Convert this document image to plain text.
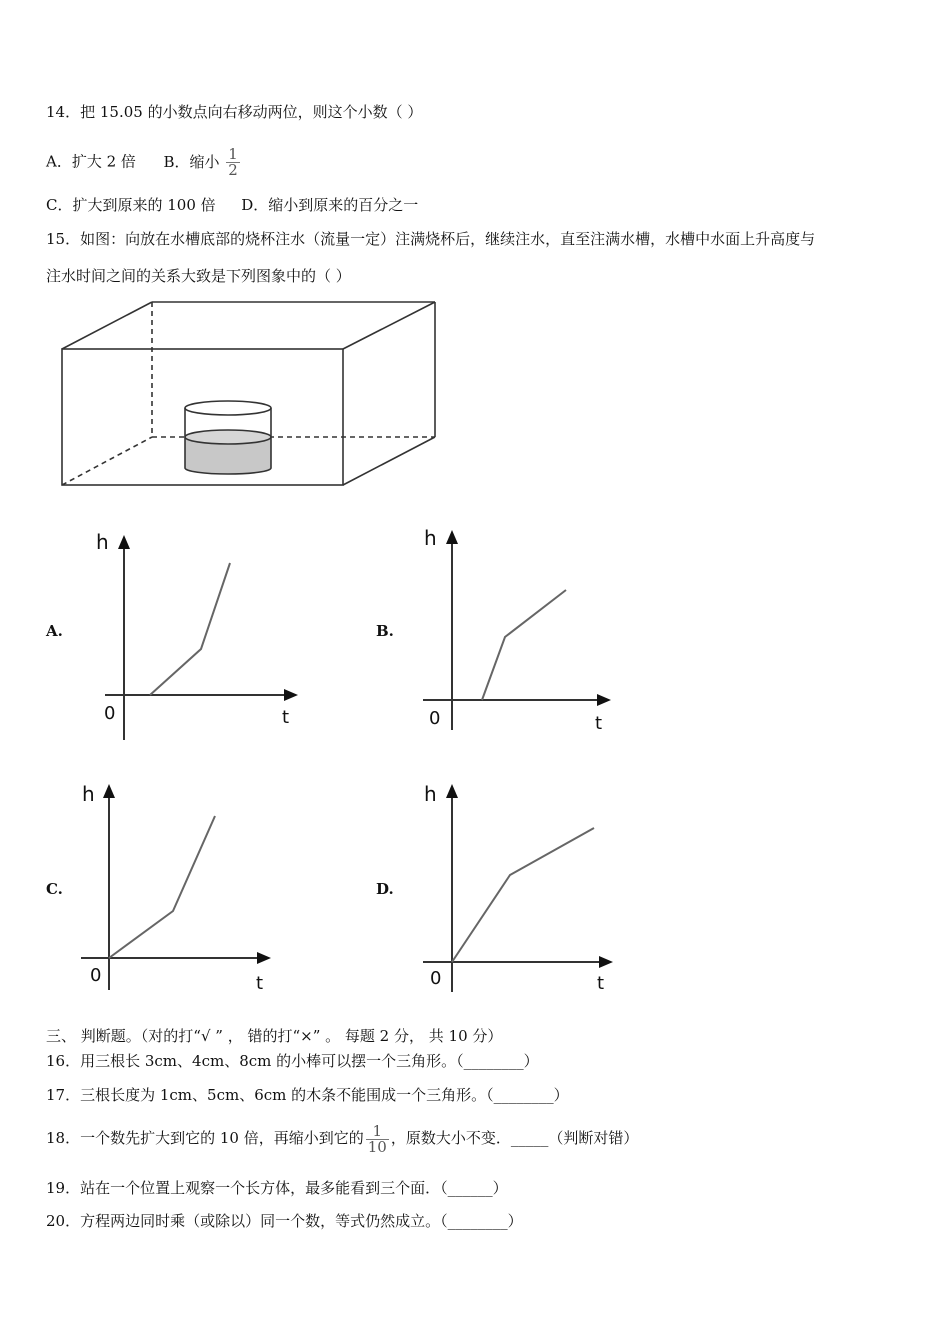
14．把 15.05 的小数点向右移动两位，则这个小数（ ）
A．扩大 2 倍 B．缩小 $\frac{1}{2}$
C．扩大到原来的 100 倍 D．缩小到原来的百分之一
15．如图：向放在水槽底部的烧杯注水（流量一定）注满烧杯后，继续注水，直至注满水槽，水槽中水面上升高度与
注水时间之间的关系大致是下列图象中的（ ）
A.	B.
C.	D.
h
t
0
h
t
0
h
t
0
h
t
0
三、 判断题。（对的打“√ ” ， 错的打“×” 。 每题 2 分， 共 10 分）
16．用三根长 3cm、4cm、8cm 的小棒可以摆一个三角形。（________）
17．三根长度为 1cm、5cm、6cm 的木条不能围成一个三角形。（________）
18．一个数先扩大到它的 10 倍，再缩小到它的 $\frac{1}{10}$ ，原数大小不变．_____（判断对错）
19．站在一个位置上观察一个长方体，最多能看到三个面．（______）
20．方程两边同时乘（或除以）同一个数，等式仍然成立。（________）
